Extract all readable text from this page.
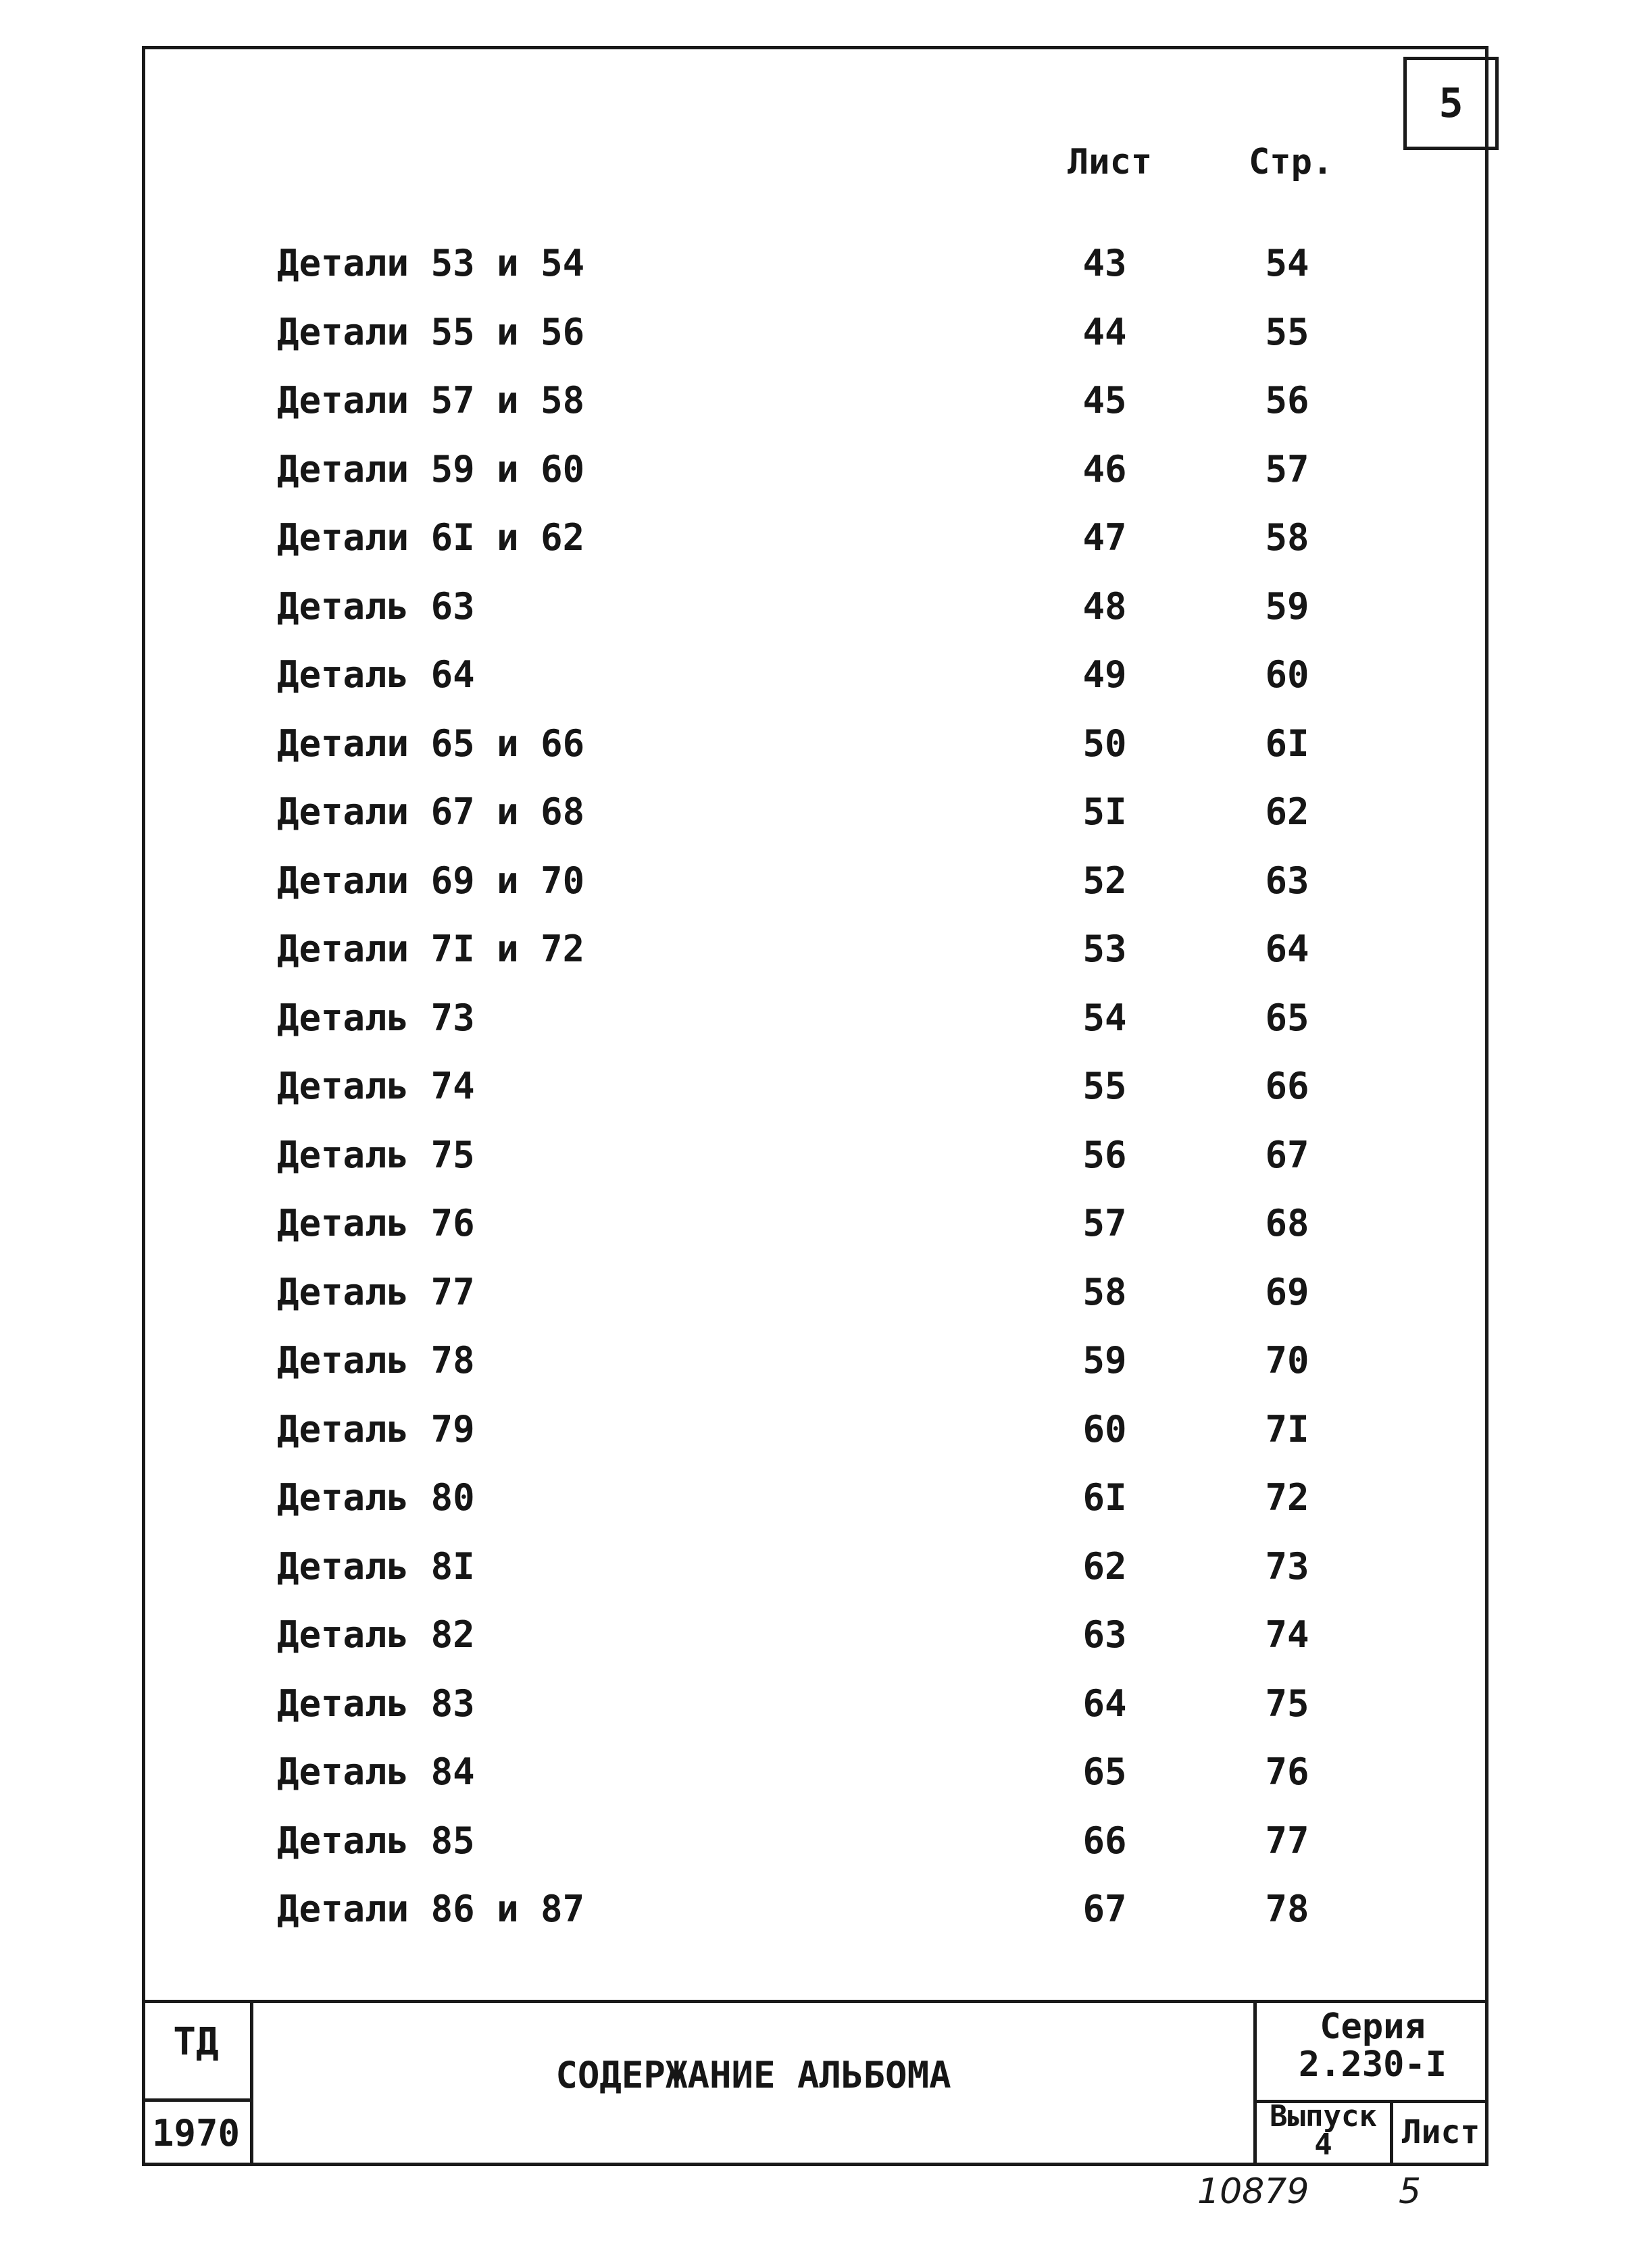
5
Лист	Стр.
Детали 53 и 54	43	54
Детали 55 и 56	44	55
Детали 57 и 58	45	56
Детали 59 и 60	46	57
Детали 6I и 62	47	58
Деталь 63	48	59
Деталь 64	49	60
Детали 65 и 66	50	6I
Детали 67 и 68	5I	62
Детали 69 и 70	52	63
Детали 7I и 72	53	64
Деталь 73	54	65
Деталь 74	55	66
Деталь 75	56	67
Деталь 76	57	68
Деталь 77	58	69
Деталь 78	59	70
Деталь 79	60	7I
Деталь 80	6I	72
Деталь 8I	62	73
Деталь 82	63	74
Деталь 83	64	75
Деталь 84	65	76
Деталь 85	66	77
Детали 86 и 87	67	78
ТД
1970
СОДЕРЖАНИЕ АЛЬБОМА
Серия
2.230-I
Выпуск
4	Лист
10879	5
